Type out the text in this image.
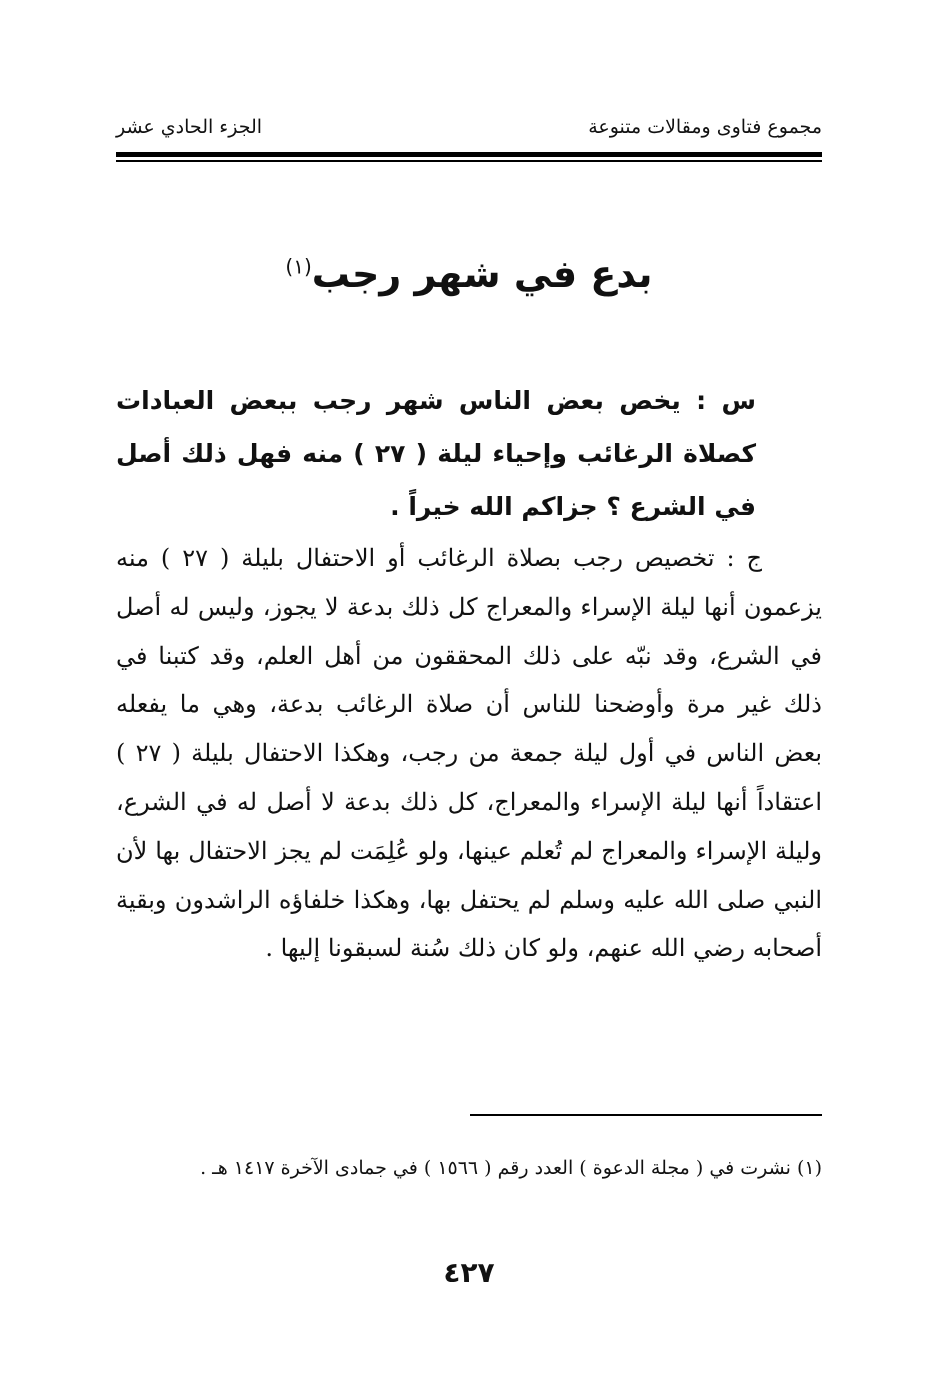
مجموع فتاوى ومقالات متنوعة
الجزء الحادي عشر
بدع في شهر رجب$^{(١)}$
س : يخص بعض الناس شهر رجب ببعض العبادات كصلاة الرغائب وإحياء ليلة ( ٢٧ ) منه فهل ذلك أصل في الشرع ؟ جزاكم الله خيراً .
ج : تخصيص رجب بصلاة الرغائب أو الاحتفال بليلة ( ٢٧ ) منه يزعمون أنها ليلة الإسراء والمعراج كل ذلك بدعة لا يجوز، وليس له أصل في الشرع، وقد نبّه على ذلك المحققون من أهل العلم، وقد كتبنا في ذلك غير مرة وأوضحنا للناس أن صلاة الرغائب بدعة، وهي ما يفعله بعض الناس في أول ليلة جمعة من رجب، وهكذا الاحتفال بليلة ( ٢٧ ) اعتقاداً أنها ليلة الإسراء والمعراج، كل ذلك بدعة لا أصل له في الشرع، وليلة الإسراء والمعراج لم تُعلم عينها، ولو عُلِمَت لم يجز الاحتفال بها لأن النبي صلى الله عليه وسلم لم يحتفل بها، وهكذا خلفاؤه الراشدون وبقية أصحابه رضي الله عنهم، ولو كان ذلك سُنة لسبقونا إليها .
(١) نشرت في ( مجلة الدعوة ) العدد رقم ( ١٥٦٦ ) في جمادى الآخرة ١٤١٧ هـ .
٤٢٧
